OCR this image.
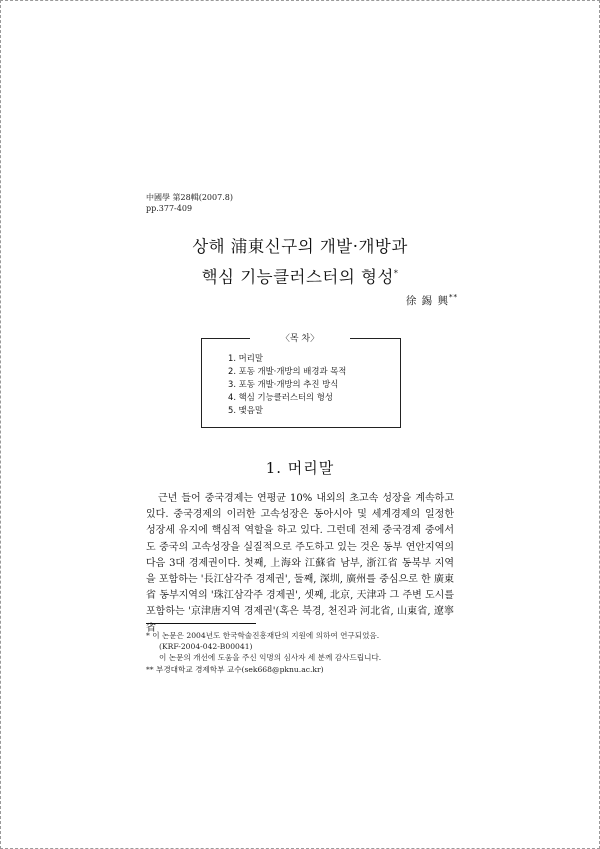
中國學 第28輯(2007.8)
pp.377-409
상해 浦東신구의 개발·개방과
핵심 기능클러스터의 형성*
徐 錫 興**
1. 머리말
2. 포동 개발·개방의 배경과 목적
3. 포동 개발·개방의 추진 방식
4. 핵심 기능클러스터의 형성
5. 맺음말
〈목 차〉
1. 머리말

근년 들어 중국경제는 연평균 10% 내외의 초고속 성장을 계속하고 있다. 중국경제의 이러한 고속성장은 동아시아 및 세계경제의 일정한 성장세 유지에 핵심적 역할을 하고 있다. 그런데 전체 중국경제 중에서도 중국의 고속성장을 실질적으로 주도하고 있는 것은 동부 연안지역의 다음 3대 경제권이다. 첫째, 上海와 江蘇省 남부, 浙江省 동북부 지역을 포함하는 '長江삼각주 경제권', 둘째, 深圳, 廣州를 중심으로 한 廣東省 동부지역의 '珠江삼각주 경제권', 셋째, 北京, 天津과 그 주변 도시를 포함하는 '京津唐지역 경제권'(혹은 북경, 천진과 河北省, 山東省, 遼寧省

* 이 논문은 2004년도 한국학술진흥재단의 지원에 의하여 연구되었음.
(KRF-2004-042-B00041)
이 논문의 개선에 도움을 주신 익명의 심사자 세 분께 감사드립니다.
** 부경대학교 경제학부 교수(sek668@pknu.ac.kr)
